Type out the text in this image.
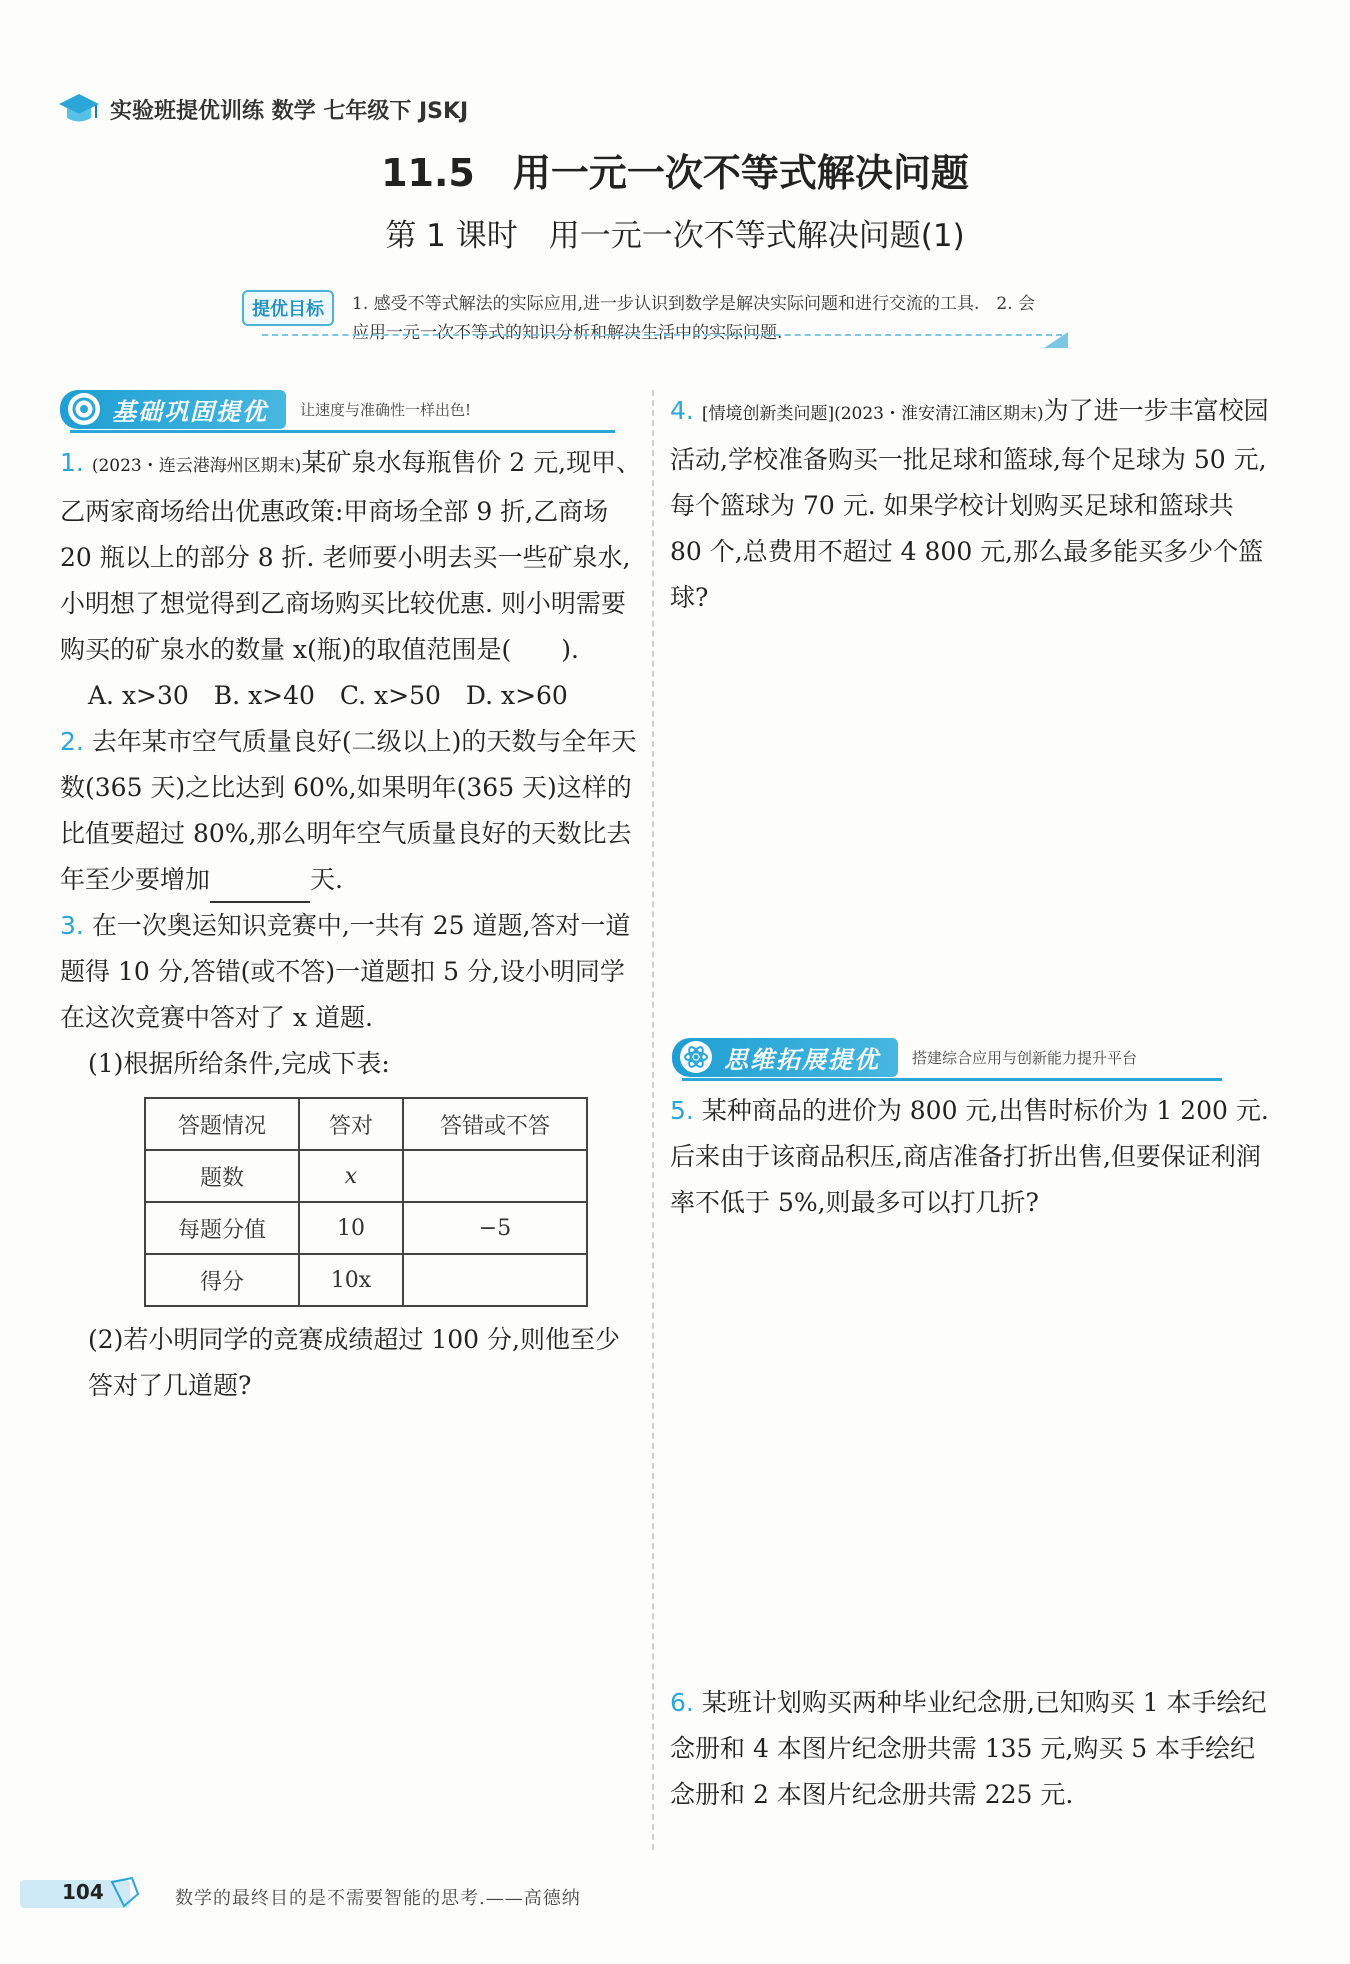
实验班提优训练 数学 七年级下 JSKJ
11.5　用一元一次不等式解决问题
第 1 课时　用一元一次不等式解决问题(1)
提优目标	1. 感受不等式解法的实际应用,进一步认识到数学是解决实际问题和进行交流的工具.　2. 会应用一元一次不等式的知识分析和解决生活中的实际问题.
基础巩固提优	让速度与准确性一样出色!
1. (2023・连云港海州区期末)某矿泉水每瓶售价 2 元,现甲、乙两家商场给出优惠政策:甲商场全部 9 折,乙商场 20 瓶以上的部分 8 折. 老师要小明去买一些矿泉水,小明想了想觉得到乙商场购买比较优惠. 则小明需要购买的矿泉水的数量 x(瓶)的取值范围是(　　).
A. x>30　B. x>40　C. x>50　D. x>60
2. 去年某市空气质量良好(二级以上)的天数与全年天数(365 天)之比达到 60%,如果明年(365 天)这样的比值要超过 80%,那么明年空气质量良好的天数比去年至少要增加	天.
3. 在一次奥运知识竞赛中,一共有 25 道题,答对一道题得 10 分,答错(或不答)一道题扣 5 分,设小明同学在这次竞赛中答对了 x 道题.
(1)根据所给条件,完成下表:
答题情况	答对	答错或不答
题数	x	
每题分值	10	−5
得分	10x	
(2)若小明同学的竞赛成绩超过 100 分,则他至少答对了几道题?
4. [情境创新类问题](2023・淮安清江浦区期末)为了进一步丰富校园活动,学校准备购买一批足球和篮球,每个足球为 50 元,每个篮球为 70 元. 如果学校计划购买足球和篮球共 80 个,总费用不超过 4 800 元,那么最多能买多少个篮球?
思维拓展提优	搭建综合应用与创新能力提升平台
5. 某种商品的进价为 800 元,出售时标价为 1 200 元. 后来由于该商品积压,商店准备打折出售,但要保证利润率不低于 5%,则最多可以打几折?
6. 某班计划购买两种毕业纪念册,已知购买 1 本手绘纪念册和 4 本图片纪念册共需 135 元,购买 5 本手绘纪念册和 2 本图片纪念册共需 225 元.
104	数学的最终目的是不需要智能的思考.——高德纳
